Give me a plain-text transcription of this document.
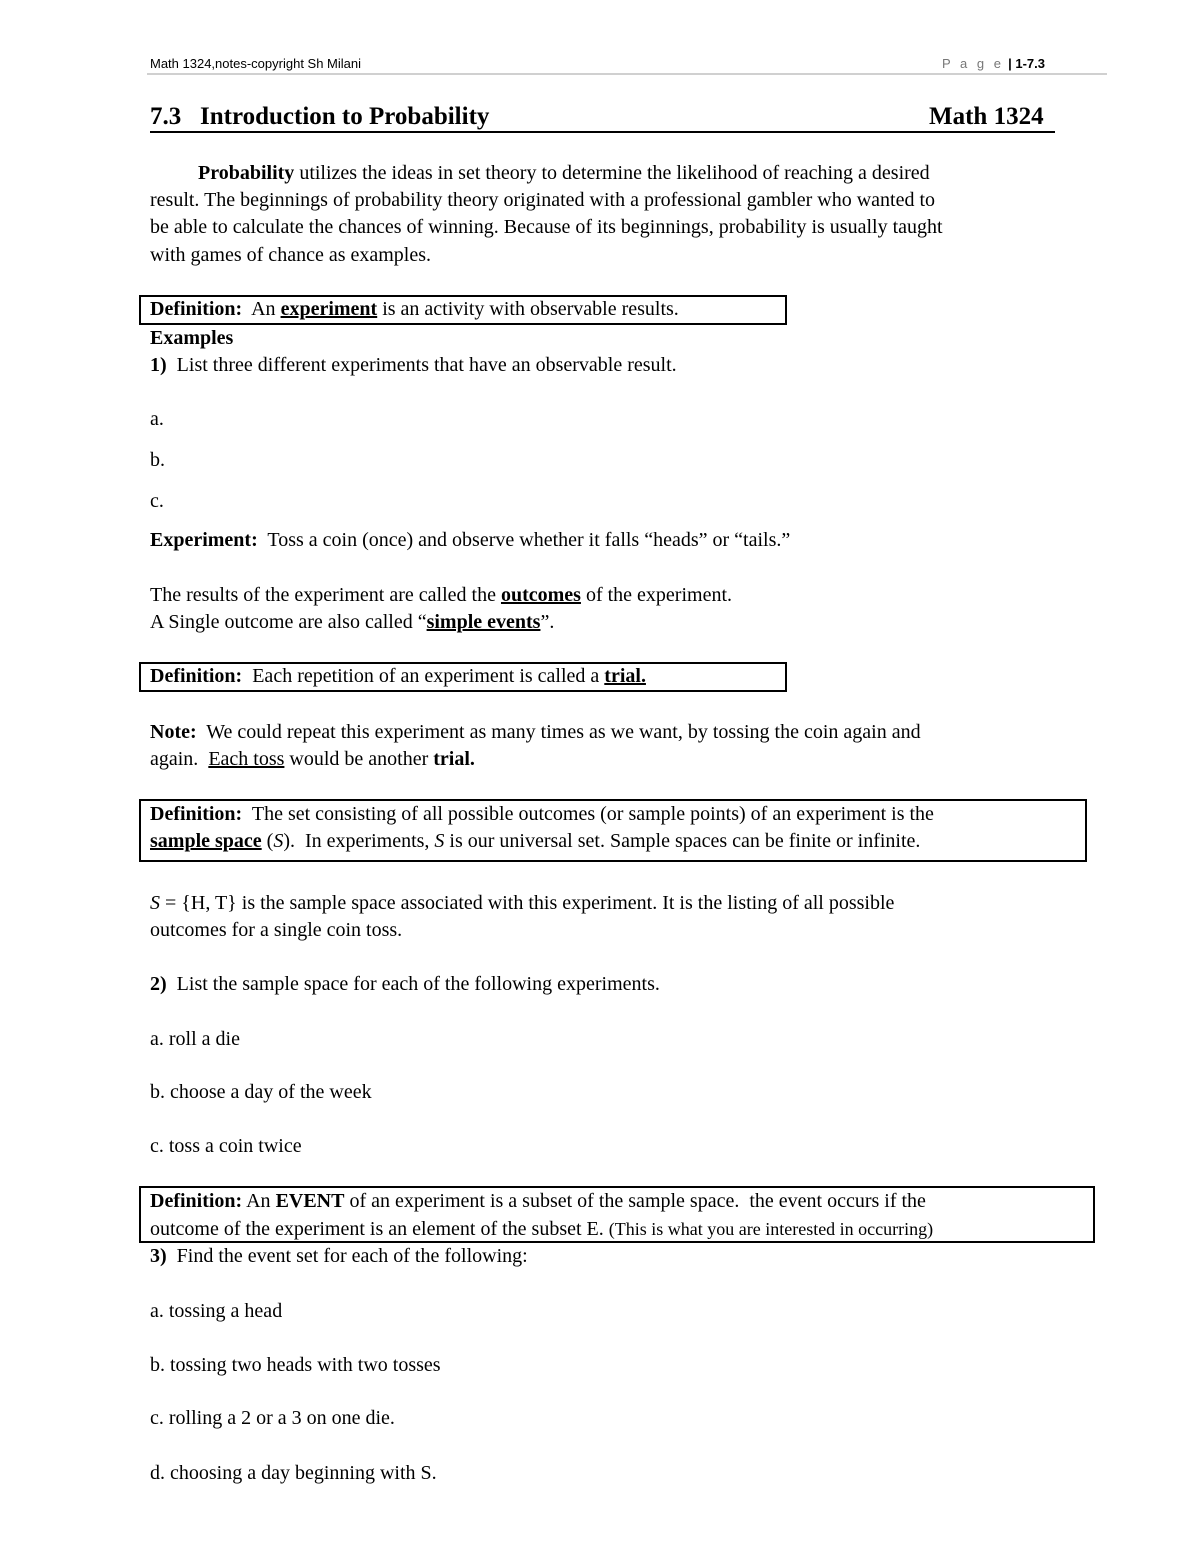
Math 1324,notes-copyright Sh Milani	P a g e | 1-7.3
7.3   Introduction to Probability	Math 1324
Probability utilizes the ideas in set theory to determine the likelihood of reaching a desired
result. The beginnings of probability theory originated with a professional gambler who wanted to
be able to calculate the chances of winning. Because of its beginnings, probability is usually taught
with games of chance as examples.
Definition:  An experiment is an activity with observable results.
Examples
1)  List three different experiments that have an observable result.
a.
b.
c.
Experiment:  Toss a coin (once) and observe whether it falls “heads” or “tails.”
The results of the experiment are called the outcomes of the experiment.
A Single outcome are also called “simple events”.
Definition:  Each repetition of an experiment is called a trial.
Note:  We could repeat this experiment as many times as we want, by tossing the coin again and
again.  Each toss would be another trial.
Definition:  The set consisting of all possible outcomes (or sample points) of an experiment is the
sample space (S).  In experiments, S is our universal set. Sample spaces can be finite or infinite.
S = {H, T} is the sample space associated with this experiment. It is the listing of all possible
outcomes for a single coin toss.
2)  List the sample space for each of the following experiments.
a. roll a die
b. choose a day of the week
c. toss a coin twice
Definition: An EVENT of an experiment is a subset of the sample space.  the event occurs if the
outcome of the experiment is an element of the subset E. (This is what you are interested in occurring)
3)  Find the event set for each of the following:
a. tossing a head
b. tossing two heads with two tosses
c. rolling a 2 or a 3 on one die.
d. choosing a day beginning with S.
